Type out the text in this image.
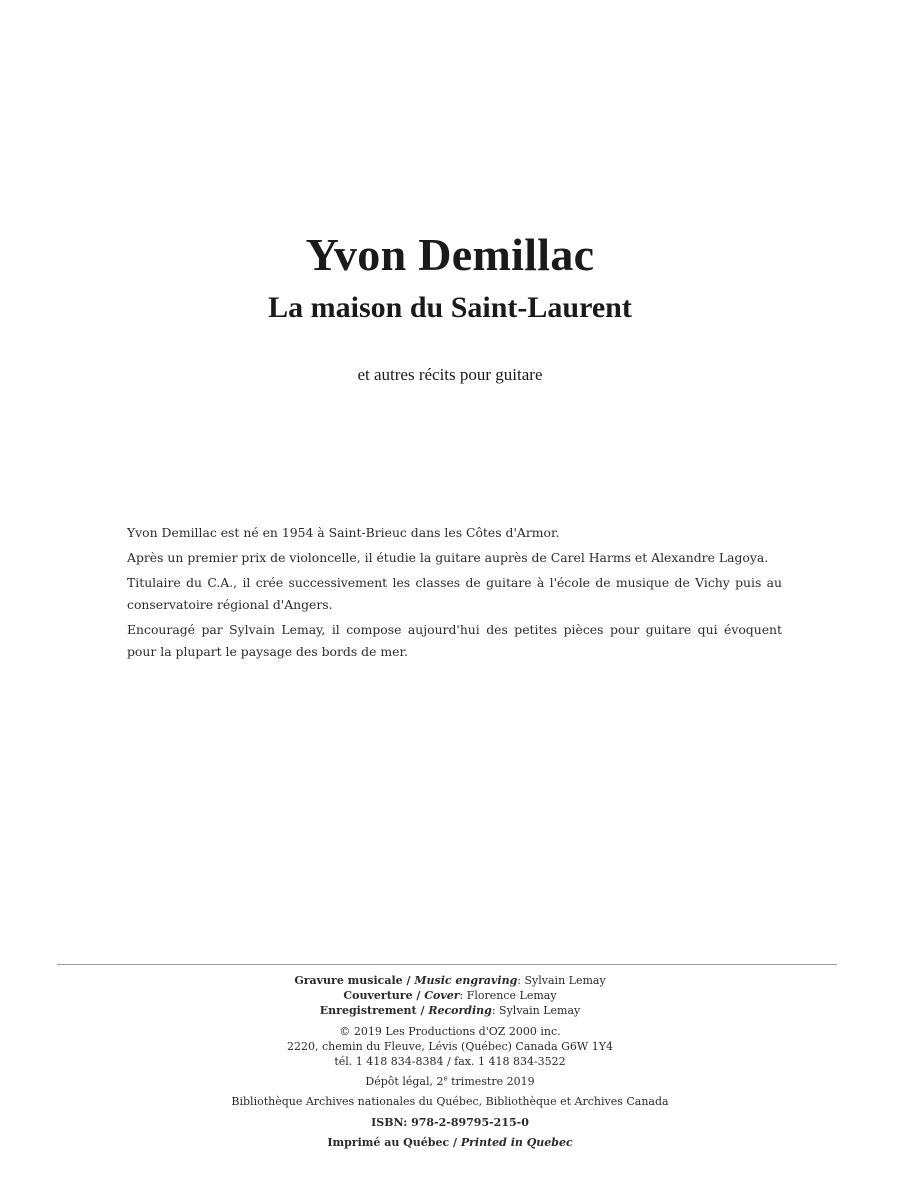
Yvon Demillac
La maison du Saint-Laurent
et autres récits pour guitare

Yvon Demillac est né en 1954 à Saint-Brieuc dans les Côtes d'Armor.

Après un premier prix de violoncelle, il étudie la guitare auprès de Carel Harms et Alexandre Lagoya.

Titulaire du C.A., il crée successivement les classes de guitare à l'école de musique de Vichy puis au conservatoire régional d'Angers.

Encouragé par Sylvain Lemay, il compose aujourd'hui des petites pièces pour guitare qui évoquent pour la plupart le paysage des bords de mer.

Gravure musicale / Music engraving: Sylvain Lemay
Couverture / Cover: Florence Lemay
Enregistrement / Recording: Sylvain Lemay
© 2019 Les Productions d'OZ 2000 inc.
2220, chemin du Fleuve, Lévis (Québec) Canada G6W 1Y4
tél. 1 418 834-8384 / fax. 1 418 834-3522
Dépôt légal, 2e trimestre 2019
Bibliothèque Archives nationales du Québec, Bibliothèque et Archives Canada
ISBN: 978-2-89795-215-0
Imprimé au Québec / Printed in Quebec
